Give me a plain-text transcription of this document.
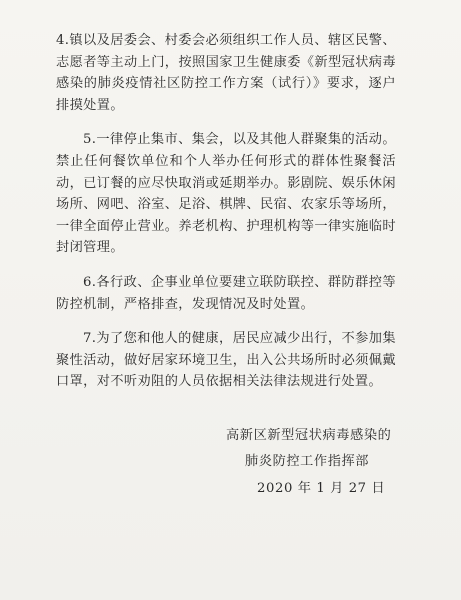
4.镇以及居委会、村委会必须组织工作人员、辖区民警、志愿者等主动上门，按照国家卫生健康委《新型冠状病毒感染的肺炎疫情社区防控工作方案（试行）》要求，逐户排摸处置。

5.一律停止集市、集会，以及其他人群聚集的活动。禁止任何餐饮单位和个人举办任何形式的群体性聚餐活动，已订餐的应尽快取消或延期举办。影剧院、娱乐休闲场所、网吧、浴室、足浴、棋牌、民宿、农家乐等场所，一律全面停止营业。养老机构、护理机构等一律实施临时封闭管理。

6.各行政、企事业单位要建立联防联控、群防群控等防控机制，严格排查，发现情况及时处置。

7.为了您和他人的健康，居民应减少出行，不参加集聚性活动，做好居家环境卫生，出入公共场所时必须佩戴口罩，对不听劝阻的人员依据相关法律法规进行处置。

高新区新型冠状病毒感染的
肺炎防控工作指挥部
2020 年 1 月 27 日
